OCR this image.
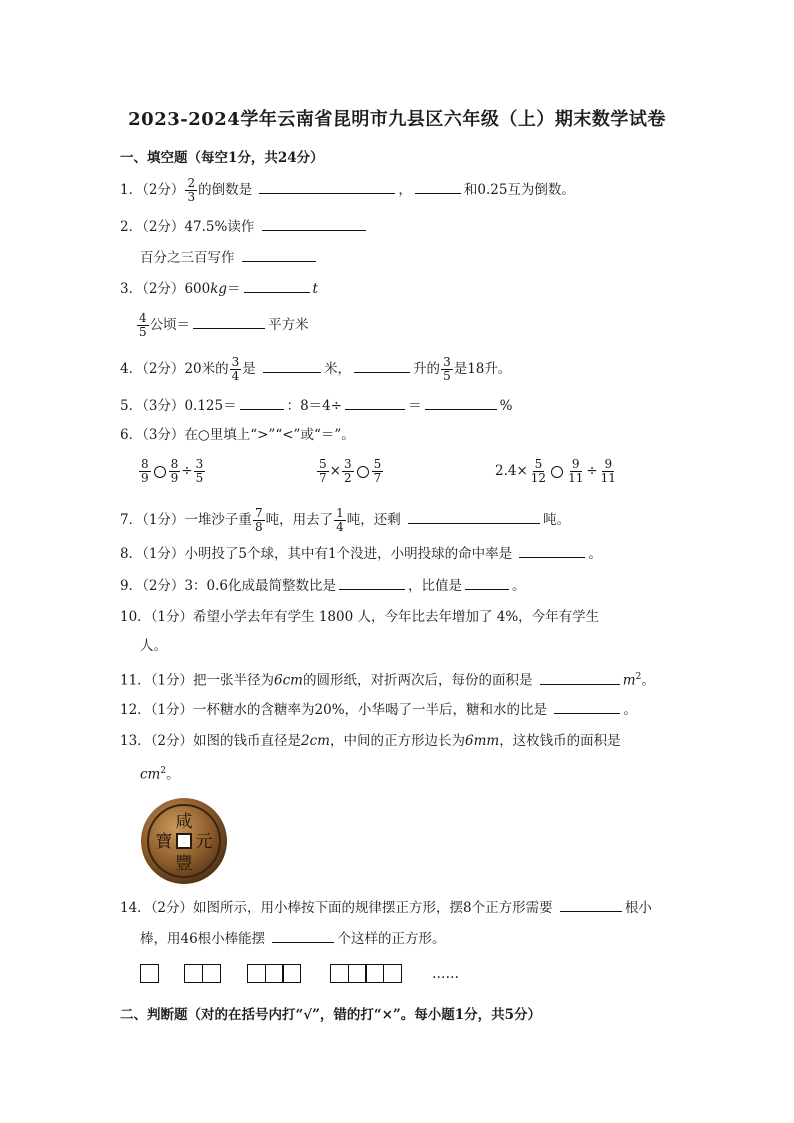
2023-2024学年云南省昆明市九县区六年级（上）期末数学试卷
一、填空题（每空1分，共24分）
1．（2分） $\frac{2}{3}$ 的倒数是	，	和0.25互为倒数。
2．（2分）47.5%读作
百分之三百写作
3．（2分）600kg＝	t
$\frac{4}{5}$ 公顷＝	平方米
4．（2分）20米的 $\frac{3}{4}$ 是	米，	升的 $\frac{3}{5}$ 是18升。
5．（3分）0.125＝	：8＝4÷	＝	%
6．（3分）在○里填上“>”“<”或“＝”。
$\frac{8}{9} \frac{8}{9} \div \frac{3}{5}$	$\frac{5}{7} \times \frac{3}{2} \frac{5}{7}$	$2.4\times \frac{5}{12} \frac{9}{11} \div \frac{9}{11}$
7．（1分）一堆沙子重 $\frac{7}{8}$ 吨，用去了 $\frac{1}{4}$ 吨，还剩	吨。
8．（1分）小明投了5个球，其中有1个没进，小明投球的命中率是	。
9．（2分）3：0.6化成最简整数比是	，比值是	。
10．（1分）希望小学去年有学生 1800 人，今年比去年增加了 4%，今年有学生
人。
11．（1分）把一张半径为6cm的圆形纸，对折两次后，每份的面积是	$m^2$。
12．（1分）一杯糖水的含糖率为20%，小华喝了一半后，糖和水的比是	。
13．（2分）如图的钱币直径是2cm，中间的正方形边长为6mm，这枚钱币的面积是
$cm^2$。
咸
元
豐
寶
14．（2分）如图所示，用小棒按下面的规律摆正方形，摆8个正方形需要	根小
棒，用46根小棒能摆	个这样的正方形。
……
二、判断题（对的在括号内打“√”，错的打“×”。每小题1分，共5分）
